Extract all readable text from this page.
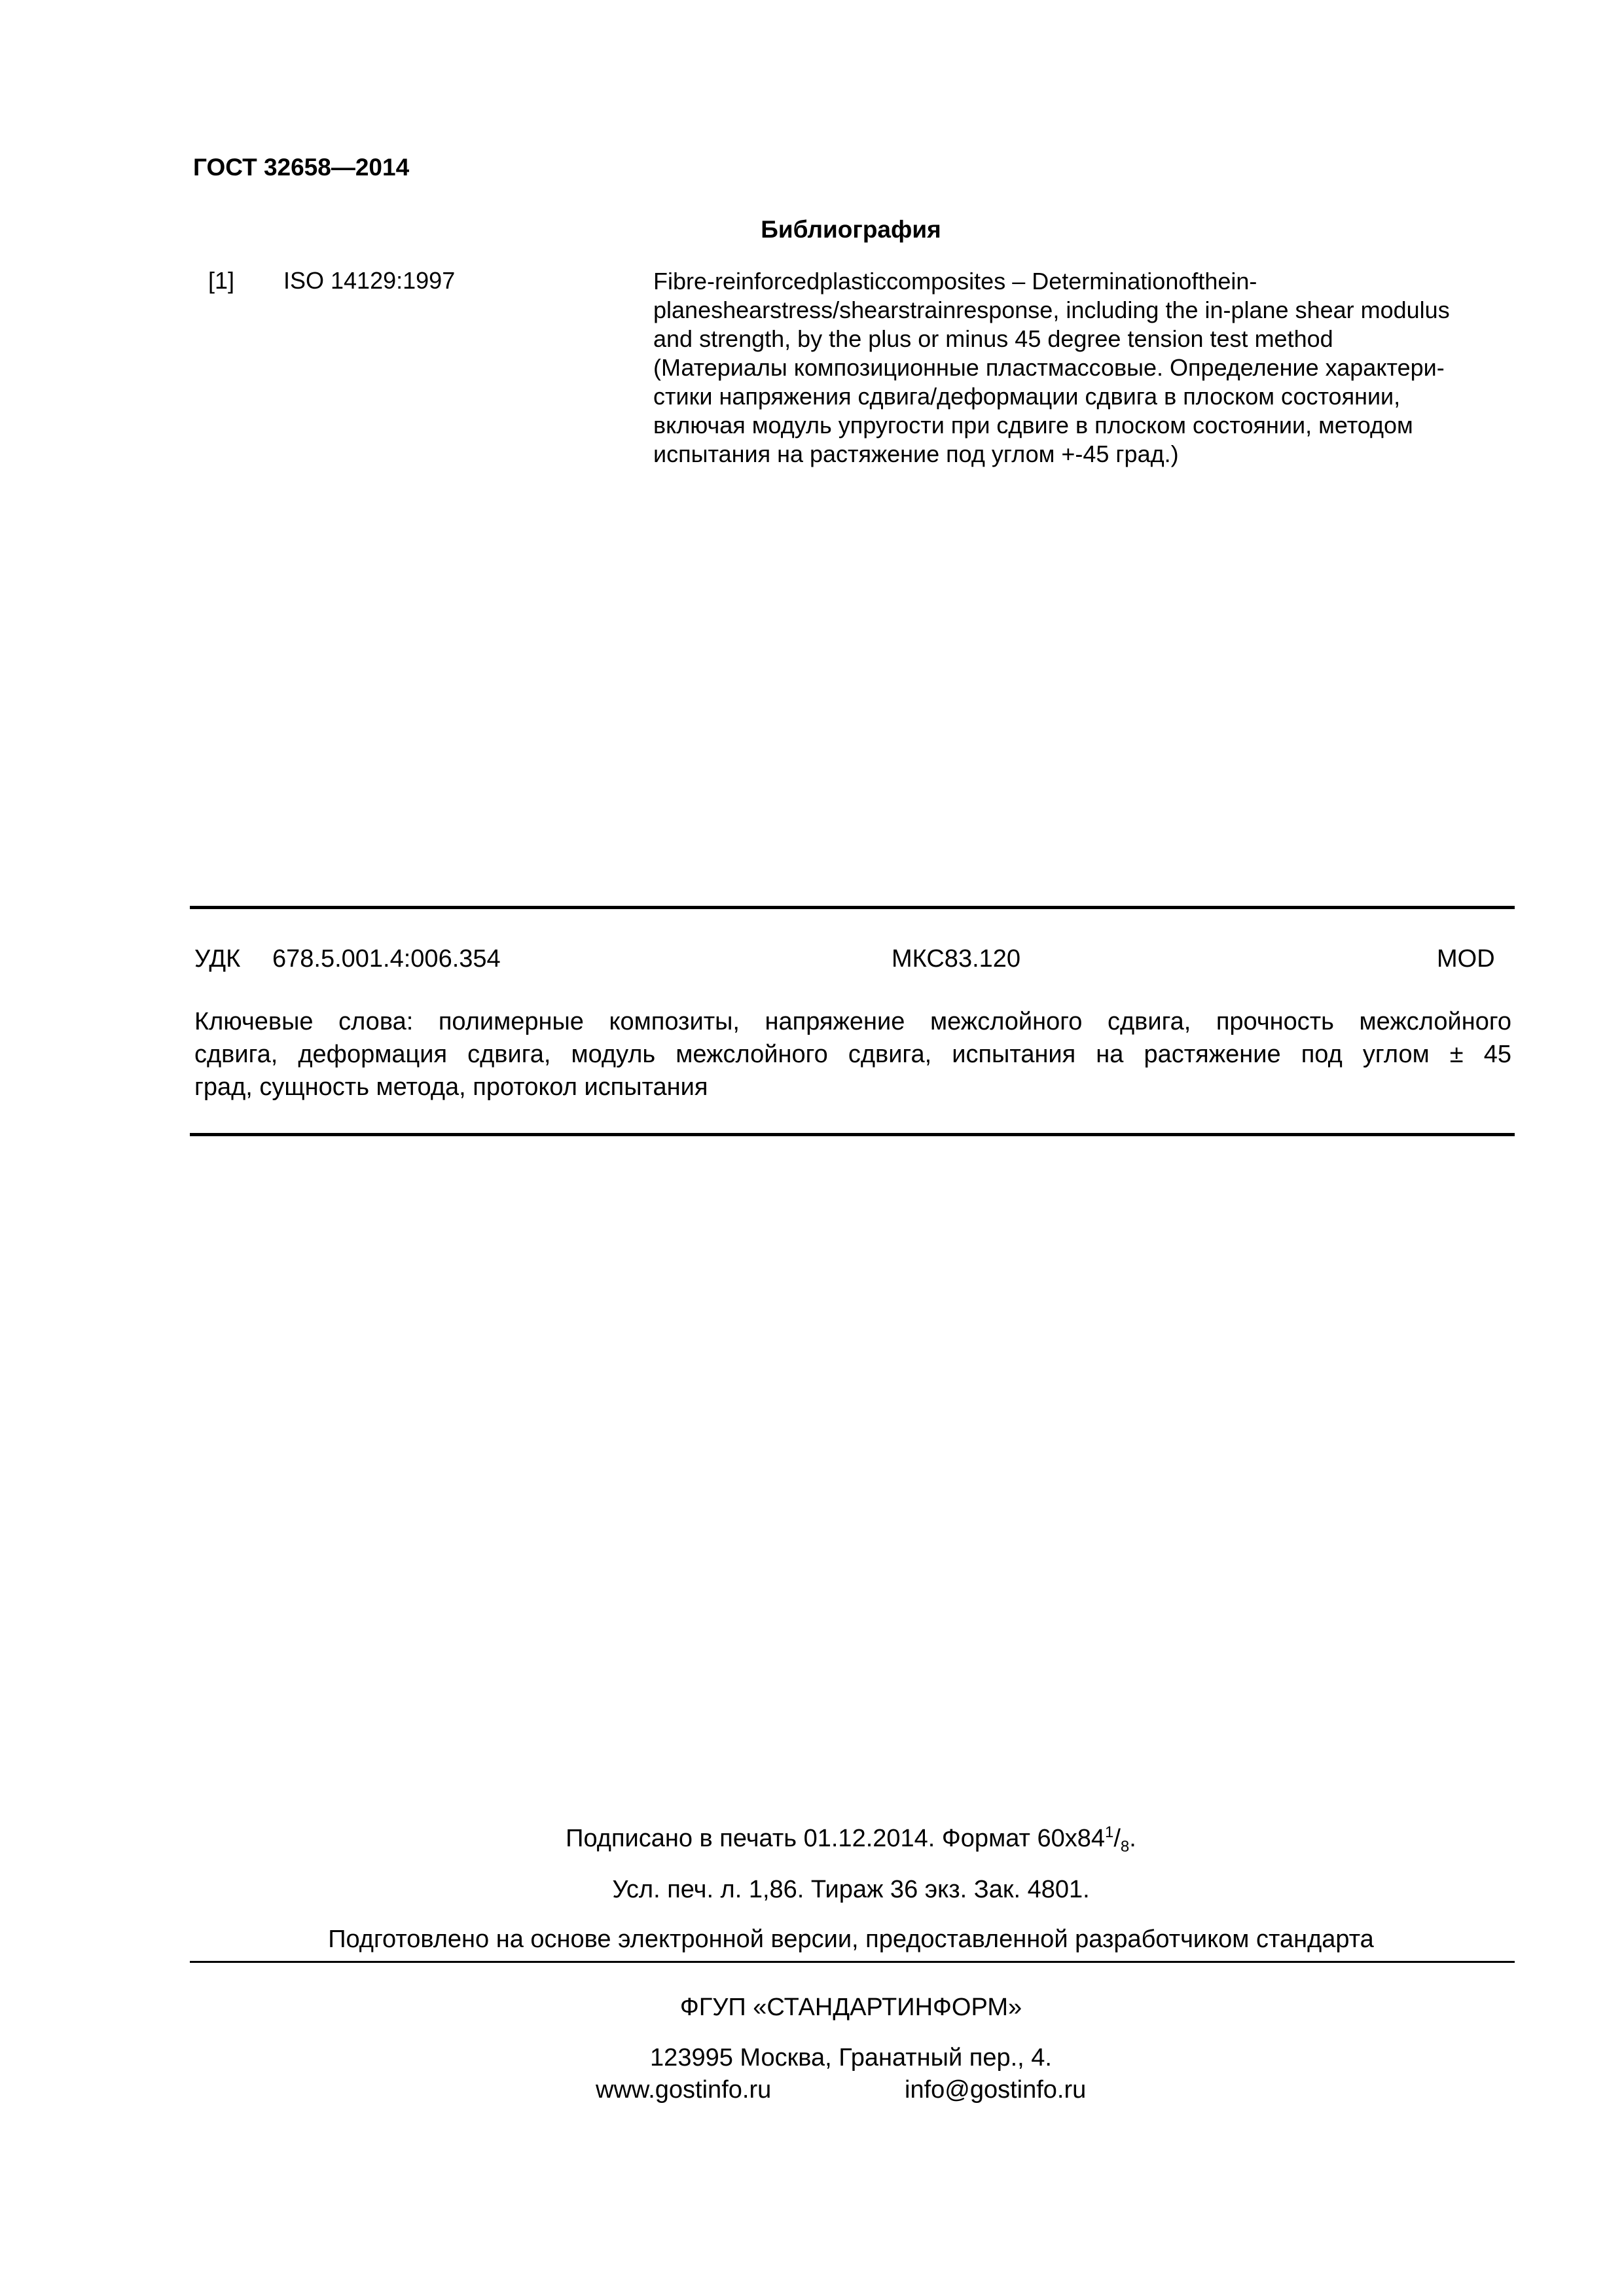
ГОСТ 32658—2014
Библиография
[1] ISO 14129:1997	Fibre-reinforcedplasticcomposites – Determinationofthein-
planeshearstress/shearstrainresponse, including the in-plane shear modulus
and strength, by the plus or minus 45 degree tension test method
(Материалы композиционные пластмассовые. Определение характери-
стики напряжения сдвига/деформации сдвига в плоском состоянии,
включая модуль упругости при сдвиге в плоском состоянии, методом
испытания на растяжение под углом +-45 град.)
УДК 678.5.001.4:006.354	МКС83.120	MOD
Ключевые слова: полимерные композиты, напряжение межслойного сдвига, прочность межслойного
сдвига, деформация сдвига, модуль межслойного сдвига, испытания на растяжение под углом ± 45
град, сущность метода, протокол испытания
Подписано в печать 01.12.2014. Формат $60х84^1/_8$.
Усл. печ. л. 1,86. Тираж 36 экз. Зак. 4801.
Подготовлено на основе электронной версии, предоставленной разработчиком стандарта
ФГУП «СТАНДАРТИНФОРМ»
123995 Москва, Гранатный пер., 4.
www.gostinfo.ru	info@gostinfo.ru
